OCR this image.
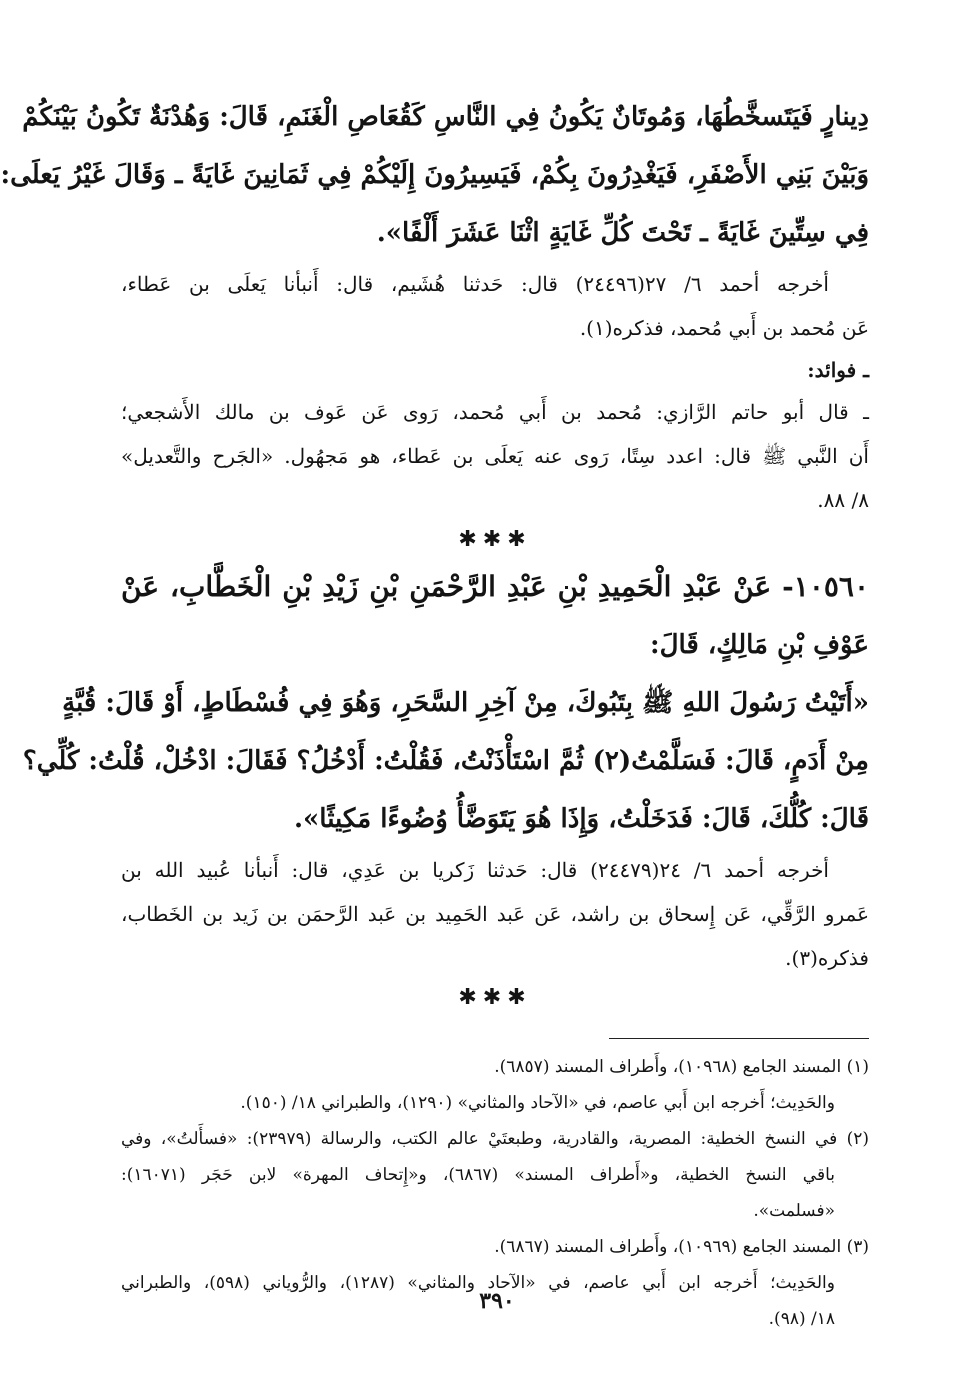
دِينارٍ فَيَتَسخَّطُهَا، وَمُوتَانٌ يَكُونُ فِي النَّاسِ كَقُعَاصِ الْغَنَمِ، قَالَ: وَهُدْنَةٌ تَكُونُ بَيْنَكُمْ
وَبَيْنَ بَنِي الأَصْفَرِ، فَيَغْدِرُونَ بِكُمْ، فَيَسِيرُونَ إِلَيْكُمْ فِي ثَمَانِينَ غَايَةً ـ وَقَالَ غَيْرُ يَعلَى:
فِي سِتِّينَ غَايَةً ـ تَحْتَ كُلِّ غَايَةٍ اثْنَا عَشَرَ أَلْفًا».
أخرجه أحمد ٦/ ٢٧(٢٤٤٩٦) قال: حَدثنا هُشَيم، قال: أَنبأنا يَعلَى بن عَطاء،
عَن مُحمد بن أَبي مُحمد، فذكره(١).
ـ فوائد:
ـ قال أبو حاتم الرَّازي: مُحمد بن أَبي مُحمد، رَوى عَن عَوف بن مالك الأَشجعي؛
أَن النَّبي ﷺ قال: اعدد سِتًا، رَوى عنه يَعلَى بن عَطاء، هو مَجهُول. «الجَرح والتَّعديل»
٨/ ٨٨.
✱✱✱
١٠٥٦٠- عَنْ عَبْدِ الْحَمِيدِ بْنِ عَبْدِ الرَّحْمَنِ بْنِ زَيْدِ بْنِ الْخَطَّابِ، عَنْ
عَوْفِ بْنِ مَالِكٍ، قَالَ:
«أَتَيْتُ رَسُولَ اللهِ ﷺ بِتَبُوكَ، مِنْ آخِرِ السَّحَرِ، وَهُوَ فِي فُسْطَاطٍ، أَوْ قَالَ: قُبَّةٍ
مِنْ أَدَمٍ، قَالَ: فَسَلَّمْتُ(٢) ثُمَّ اسْتَأْذَنْتُ، فَقُلْتُ: أَدْخُلُ؟ فَقَالَ: ادْخُلْ، قُلْتُ: كُلِّي؟
قَالَ: كُلُّكَ، قَالَ: فَدَخَلْتُ، وَإِذَا هُوَ يَتَوَضَّأُ وُضُوءًا مَكِيثًا».
أخرجه أحمد ٦/ ٢٤(٢٤٤٧٩) قال: حَدثنا زَكريا بن عَدِي، قال: أَنبأنا عُبيد الله بن
عَمرو الرَّقِّي، عَن إِسحاق بن راشد، عَن عَبد الحَمِيد بن عَبد الرَّحمَن بن زَيد بن الخَطاب،
فذكره(٣).
✱✱✱
(١) المسند الجامع (١٠٩٦٨)، وأَطراف المسند (٦٨٥٧).
والحَدِيث؛ أَخرجه ابن أَبي عاصم، في «الآحاد والمثاني» (١٢٩٠)، والطبراني ١٨/ (١٥٠).
(٢) في النسخ الخطية: المصرية، والقادرية، وطبعتَيْ عالم الكتب، والرسالة (٢٣٩٧٩): «فسأَلتُ»، وفي
باقي النسخ الخطية، و«أَطراف المسند» (٦٨٦٧)، و«إِتحاف المهرة» لابن حَجَر (١٦٠٧١):
«فسلمت».
(٣) المسند الجامع (١٠٩٦٩)، وأَطراف المسند (٦٨٦٧).
والحَدِيث؛ أَخرجه ابن أَبي عاصم، في «الآحاد والمثاني» (١٢٨٧)، والرُّوياني (٥٩٨)، والطبراني
١٨/ (٩٨).
٣٩٠
